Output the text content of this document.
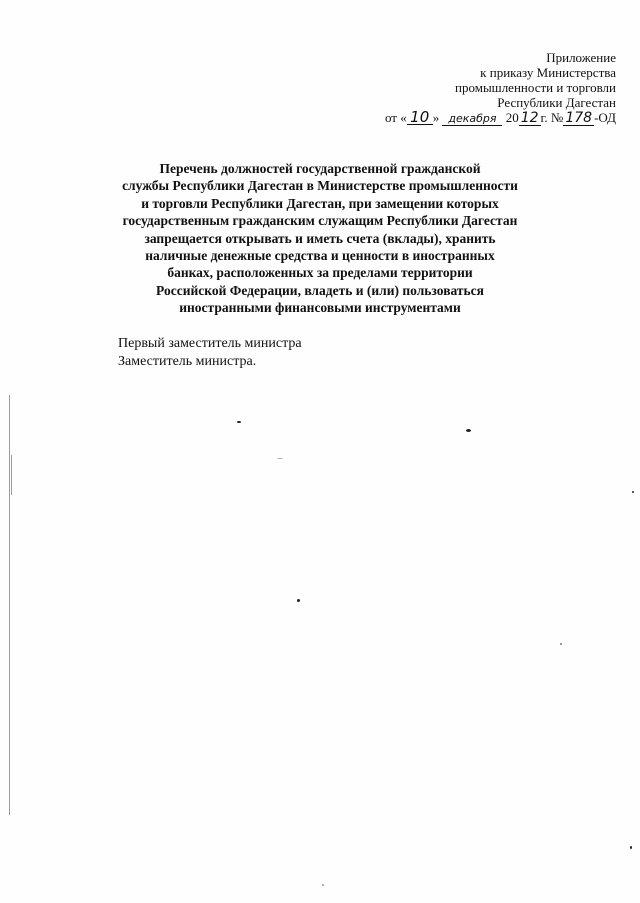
Приложение
к приказу Министерства
промышленности и торговли
Республики Дагестан
от « 10 » декабря 20 12 г. № 178 -ОД
Перечень должностей государственной гражданской
службы Республики Дагестан в Министерстве промышленности
и торговли Республики Дагестан, при замещении которых
государственным гражданским служащим Республики Дагестан
запрещается открывать и иметь счета (вклады), хранить
наличные денежные средства и ценности в иностранных
банках, расположенных за пределами территории
Российской Федерации, владеть и (или) пользоваться
иностранными финансовыми инструментами
Первый заместитель министра
Заместитель министра.
